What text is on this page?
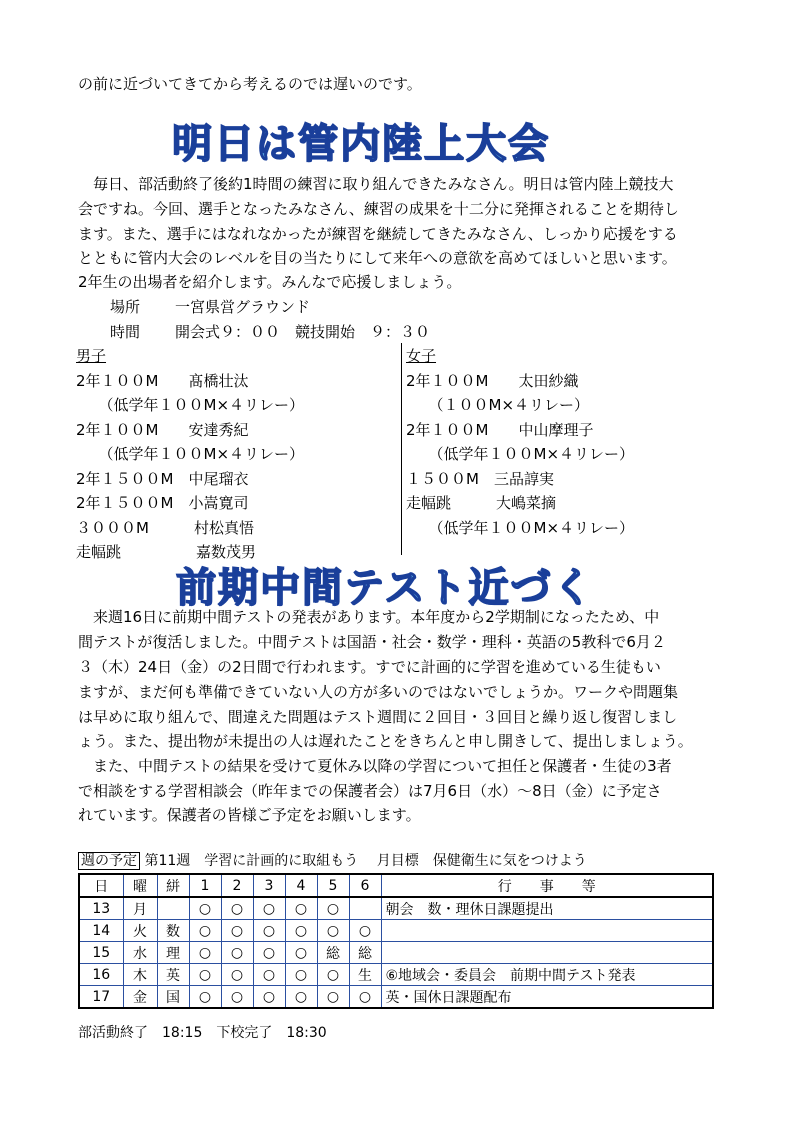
の前に近づいてきてから考えるのでは遅いのです。
明日は管内陸上大会
　毎日、部活動終了後約1時間の練習に取り組んできたみなさん。明日は管内陸上競技大
会ですね。今回、選手となったみなさん、練習の成果を十二分に発揮されることを期待し
ます。また、選手にはなれなかったが練習を継続してきたみなさん、しっかり応援をする
とともに管内大会のレベルを目の当たりにして来年への意欲を高めてほしいと思います。
2年生の出場者を紹介します。みんなで応援しましょう。
場所 一宮県営グラウンド
時間 開会式９：００　競技開始　９：３０
男子
2年１００M　　髙橋壮汰
　　（低学年１００M×４リレー）
2年１００M　　安達秀紀
　　（低学年１００M×４リレー）
2年１５００M　中尾瑠衣
2年１５００M　小嵩寛司
３０００M　　　村松真悟
走幅跳　　　　　嘉数茂男
女子
2年１００M　　太田紗織
　　（１００M×４リレー）
2年１００M　　中山摩理子
　　（低学年１００M×４リレー）
１５００M　三品諄実
走幅跳　　　大嶋菜摘
　　（低学年１００M×４リレー）
前期中間テスト近づく
　来週16日に前期中間テストの発表があります。本年度から2学期制になったため、中
間テストが復活しました。中間テストは国語・社会・数学・理科・英語の5教科で6月２
３（木）24日（金）の2日間で行われます。すでに計画的に学習を進めている生徒もい
ますが、まだ何も準備できていない人の方が多いのではないでしょうか。ワークや問題集
は早めに取り組んで、間違えた問題はテスト週間に２回目・３回目と繰り返し復習しまし
ょう。また、提出物が未提出の人は遅れたことをきちんと申し開きして、提出しましょう。
　また、中間テストの結果を受けて夏休み以降の学習について担任と保護者・生徒の3者
で相談をする学習相談会（昨年までの保護者会）は7月6日（水）～8日（金）に予定さ
れています。保護者の皆様ご予定をお願いします。
週の予定 第11週　学習に計画的に取組もう　 月目標　保健衛生に気をつけよう
日	曜	絣	1	2	3	4	5	6	行　　事　　等
13	月		○	○	○	○	○		朝会　数・理休日課題提出
14	火	数	○	○	○	○	○	○	
15	水	理	○	○	○	○	総	総	
16	木	英	○	○	○	○	○	生	⑥地域会・委員会　前期中間テスト発表
17	金	国	○	○	○	○	○	○	英・国休日課題配布
部活動終了　18:15　下校完了　18:30
